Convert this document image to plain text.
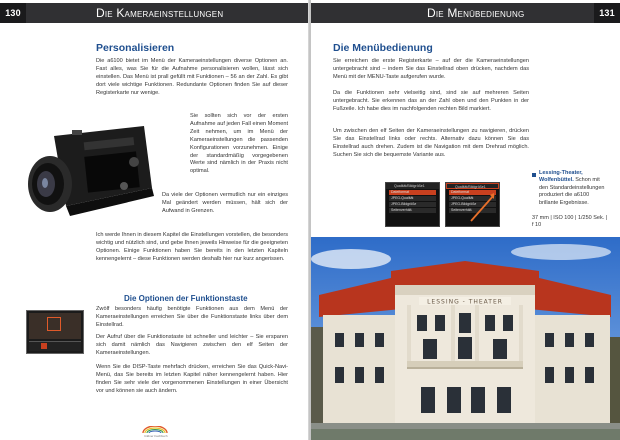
130	Die Kameraeinstellungen
Personalisieren
Die a6100 bietet im Menü der Kameraeinstellungen diverse Optionen an. Fast alles, was Sie für die Aufnahme personalisieren wollen, lässt sich einstellen. Das Menü ist prall gefüllt mit Funktionen – 56 an der Zahl. Es gibt dort viele wichtige Funktionen. Redundante Optionen finden Sie auf dieser Registerkarte nur wenige.
Sie sollten sich vor der ersten Aufnahme auf jeden Fall einen Moment Zeit nehmen, um im Menü der Kameraeinstellungen die passenden Konfigurationen vorzunehmen. Einige der standardmäßig vorgegebenen Werte sind nämlich in der Praxis nicht optimal.
Da viele der Optionen vermutlich nur ein einziges Mal geändert werden müssen, hält sich der Aufwand in Grenzen.
Ich werde Ihnen in diesem Kapitel die Einstellungen vorstellen, die besonders wichtig und nützlich sind, und gebe Ihnen jeweils Hinweise für die geeigneten Optionen. Einige Funktionen haben Sie bereits in den letzten Kapiteln kennengelernt – diese Funktionen werden deshalb hier nur kurz angerissen.
Die Optionen der Funktionstaste
Zwölf besonders häufig benötigte Funktionen aus dem Menü der Kameraeinstellungen erreichen Sie über die Funktionstaste links über dem Einstellrad.
Der Aufruf über die Funktionstaste ist schneller und leichter – Sie ersparen sich damit nämlich das Navigieren zwischen den elf Seiten der Kameraeinstellungen.
Wenn Sie die DISP-Taste mehrfach drücken, erreichen Sie das Quick-Navi-Menü, das Sie bereits im letzten Kapitel näher kennengelernt haben. Hier finden Sie sehr viele der vorgenommenen Einstellungen in einer Übersicht vor und können sie auch ändern.
bildner Fachbuch
Die Menübedienung	131
Die Menübedienung
Sie erreichen die erste Registerkarte – auf der die Kameraeinstellungen untergebracht sind – indem Sie das Einstellrad oben drücken, nachdem das Menü mit der MENU-Taste aufgerufen wurde.
Da die Funktionen sehr vielseitig sind, sind sie auf mehreren Seiten untergebracht. Sie erkennen das an der Zahl oben und den Punkten in der Fußzeile. Ich habe dies im nachfolgenden rechten Bild markiert.
Um zwischen den elf Seiten der Kameraeinstellungen zu navigieren, drücken Sie das Einstellrad links oder rechts. Alternativ dazu können Sie das Einstellrad auch drehen. Zudem ist die Navigation mit dem Drehrad möglich. Suchen Sie sich die bequemste Variante aus.
Qualität/Bildgröße1
Dateiformat
JPEG-Qualität
JPEG-Bildgröße
Seitenverhält.
Qualität/Bildgröße1
Dateiformat
JPEG-Qualität
JPEG-Bildgröße
Seitenverhält.
Lessing-Theater, Wolfenbüttel. Schon mit den Standardeinstellungen produziert die a6100 brillante Ergebnisse.
37 mm | ISO 100 | 1/250 Sek. | f 10
LESSING - THEATER
